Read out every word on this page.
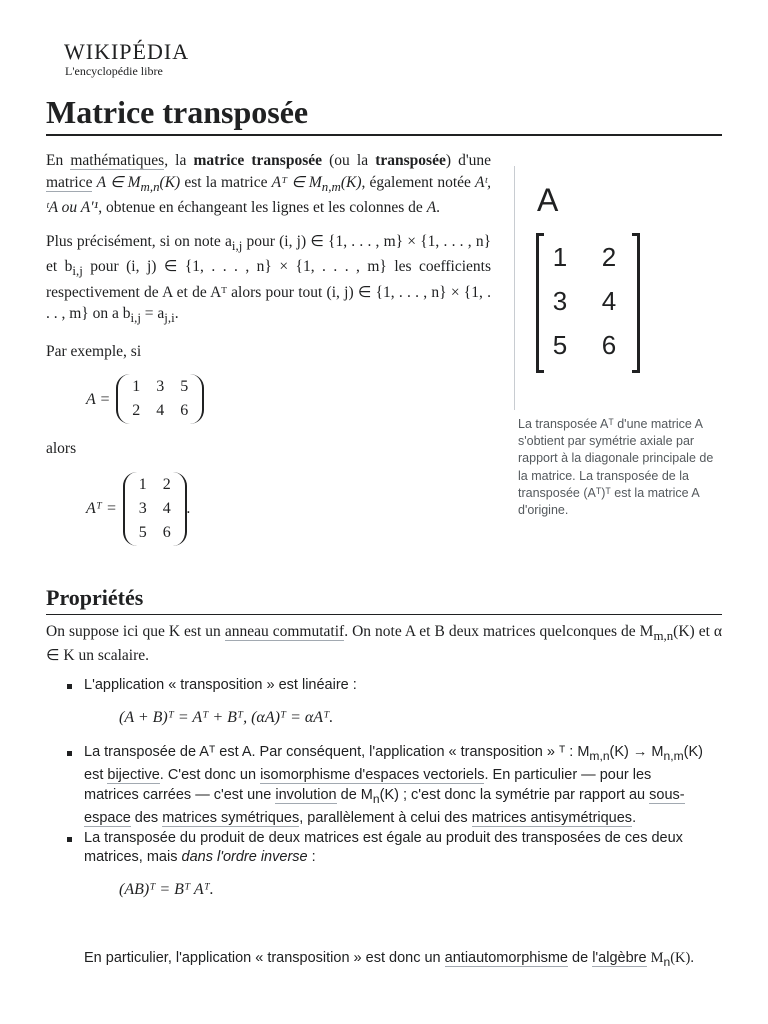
WIKIPÉDIA
L'encyclopédie libre
Matrice transposée

En mathématiques, la matrice transposée (ou la transposée) d'une matrice A ∈ $M_{m,n}(K)$ est la matrice Aᵀ ∈ $M_{n,m}(K)$, également notée Aᵗ, ᵗA ou A′¹, obtenue en échangeant les lignes et les colonnes de A.

Plus précisément, si on note $a_{i,j}$ pour (i, j) ∈ {1, . . . , m} × {1, . . . , n} et $b_{i,j}$ pour (i, j) ∈ {1, . . . , n} × {1, . . . , m} les coefficients respectivement de A et de Aᵀ alors pour tout (i, j) ∈ {1, . . . , n} × {1, . . . , m} on a $b_{i,j} = a_{j,i}$.

Par exemple, si

A =
1	3	5
2	4	6

alors

Aᵀ =
1	2
3	4
5	6
.
A
1 2
3 4
5 6
La transposée Aᵀ d'une matrice A s'obtient par symétrie axiale par rapport à la diagonale principale de la matrice. La transposée de la transposée (Aᵀ)ᵀ est la matrice A d'origine.
Propriétés
On suppose ici que K est un anneau commutatif. On note A et B deux matrices quelconques de $M_{m,n}(K)$ et α ∈ K un scalaire.
L'application « transposition » est linéaire :
(A + B)ᵀ = Aᵀ + Bᵀ, (αA)ᵀ = αAᵀ.
La transposée de Aᵀ est A. Par conséquent, l'application « transposition » ᵀ : $M_{m,n}(K) \to M_{n,m}(K)$ est bijective. C'est donc un isomorphisme d'espaces vectoriels. En particulier — pour les matrices carrées — c'est une involution de $M_n(K)$ ; c'est donc la symétrie par rapport au sous-espace des matrices symétriques, parallèlement à celui des matrices antisymétriques.
La transposée du produit de deux matrices est égale au produit des transposées de ces deux matrices, mais dans l'ordre inverse :
(AB)ᵀ = Bᵀ Aᵀ.
En particulier, l'application « transposition » est donc un antiautomorphisme de l'algèbre $M_n(K)$.
